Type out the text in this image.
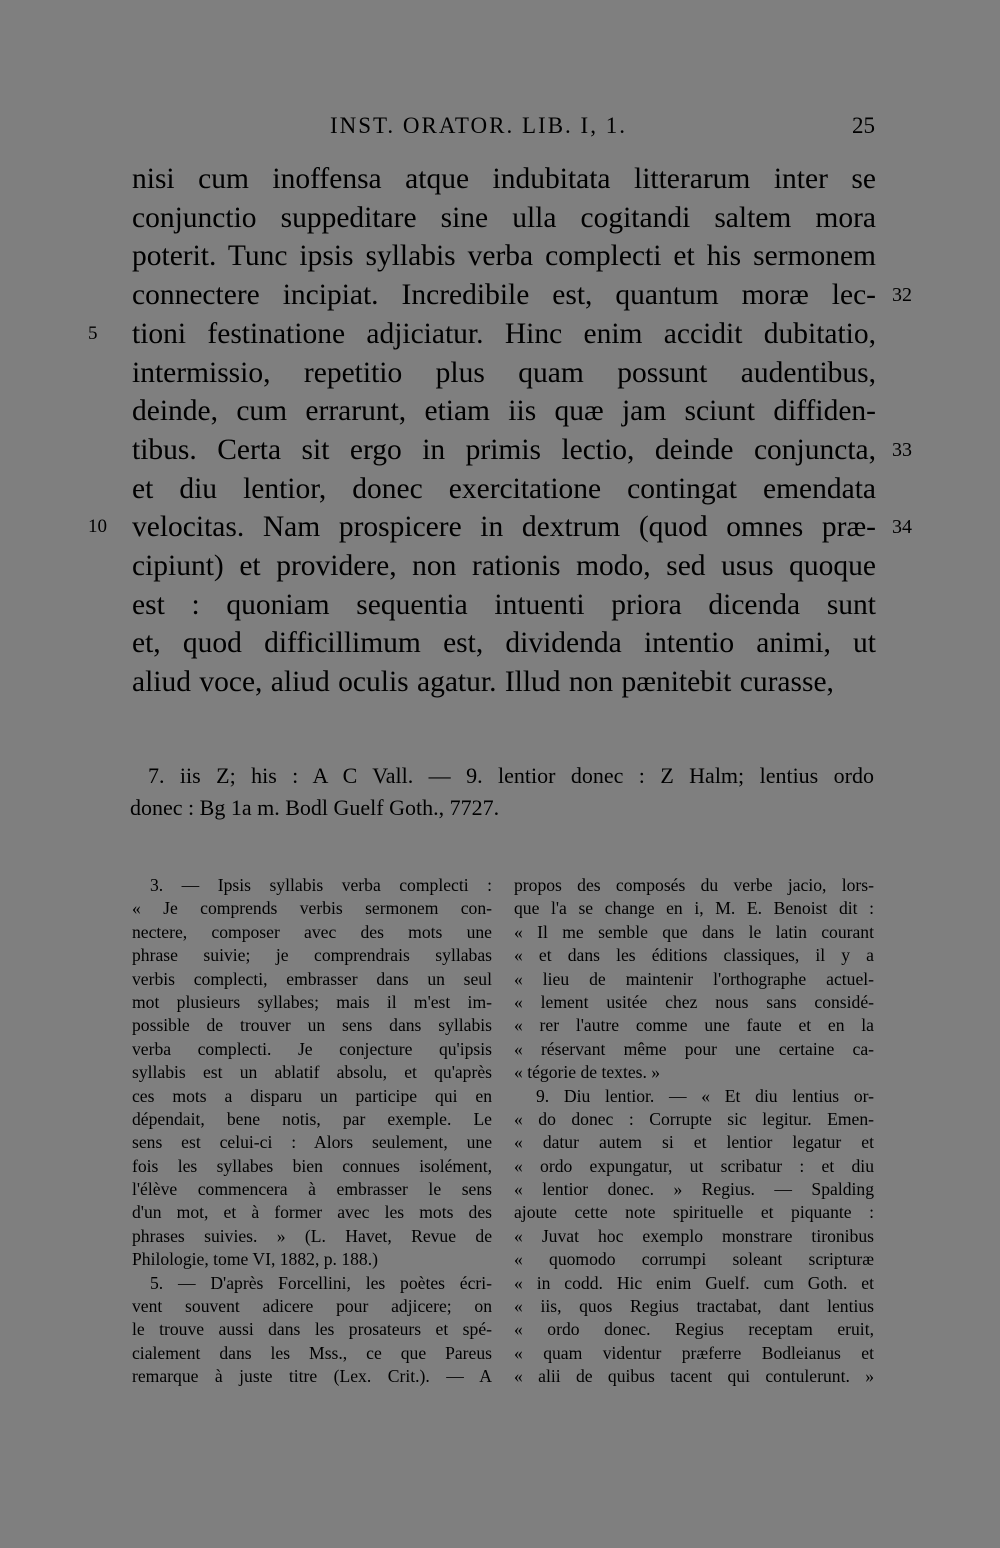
INST. ORATOR. LIB. I, 1.	25
nisi cum inoffensa atque indubitata litterarum inter se
conjunctio suppeditare sine ulla cogitandi saltem mora
poterit. Tunc ipsis syllabis verba complecti et his sermonem
connectere incipiat. Incredibile est, quantum moræ lec-
tioni festinatione adjiciatur. Hinc enim accidit dubitatio,
intermissio, repetitio plus quam possunt audentibus,
deinde, cum errarunt, etiam iis quæ jam sciunt diffiden-
tibus. Certa sit ergo in primis lectio, deinde conjuncta,
et diu lentior, donec exercitatione contingat emendata
velocitas. Nam prospicere in dextrum (quod omnes præ-
cipiunt) et providere, non rationis modo, sed usus quoque
est : quoniam sequentia intuenti priora dicenda sunt
et, quod difficillimum est, dividenda intentio animi, ut
aliud voce, aliud oculis agatur. Illud non pænitebit curasse,
5
10
32
33
34
7. iis Z; his : A C Vall. — 9. lentior donec : Z Halm; lentius ordo
donec : Bg 1a m. Bodl Guelf Goth., 7727.
3. — Ipsis syllabis verba complecti :
« Je comprends verbis sermonem con-
nectere, composer avec des mots une
phrase suivie; je comprendrais syllabas
verbis complecti, embrasser dans un seul
mot plusieurs syllabes; mais il m'est im-
possible de trouver un sens dans syllabis
verba complecti. Je conjecture qu'ipsis
syllabis est un ablatif absolu, et qu'après
ces mots a disparu un participe qui en
dépendait, bene notis, par exemple. Le
sens est celui-ci : Alors seulement, une
fois les syllabes bien connues isolément,
l'élève commencera à embrasser le sens
d'un mot, et à former avec les mots des
phrases suivies. » (L. Havet, Revue de
Philologie, tome VI, 1882, p. 188.)
5. — D'après Forcellini, les poètes écri-
vent souvent adicere pour adjicere; on
le trouve aussi dans les prosateurs et spé-
cialement dans les Mss., ce que Pareus
remarque à juste titre (Lex. Crit.). — A
propos des composés du verbe jacio, lors-
que l'a se change en i, M. E. Benoist dit :
« Il me semble que dans le latin courant
« et dans les éditions classiques, il y a
« lieu de maintenir l'orthographe actuel-
« lement usitée chez nous sans considé-
« rer l'autre comme une faute et en la
« réservant même pour une certaine ca-
« tégorie de textes. »
9. Diu lentior. — « Et diu lentius or-
« do donec : Corrupte sic legitur. Emen-
« datur autem si et lentior legatur et
« ordo expungatur, ut scribatur : et diu
« lentior donec. » Regius. — Spalding
ajoute cette note spirituelle et piquante :
« Juvat hoc exemplo monstrare tironibus
« quomodo corrumpi soleant scripturæ
« in codd. Hic enim Guelf. cum Goth. et
« iis, quos Regius tractabat, dant lentius
« ordo donec. Regius receptam eruit,
« quam videntur præferre Bodleianus et
« alii de quibus tacent qui contulerunt. »
